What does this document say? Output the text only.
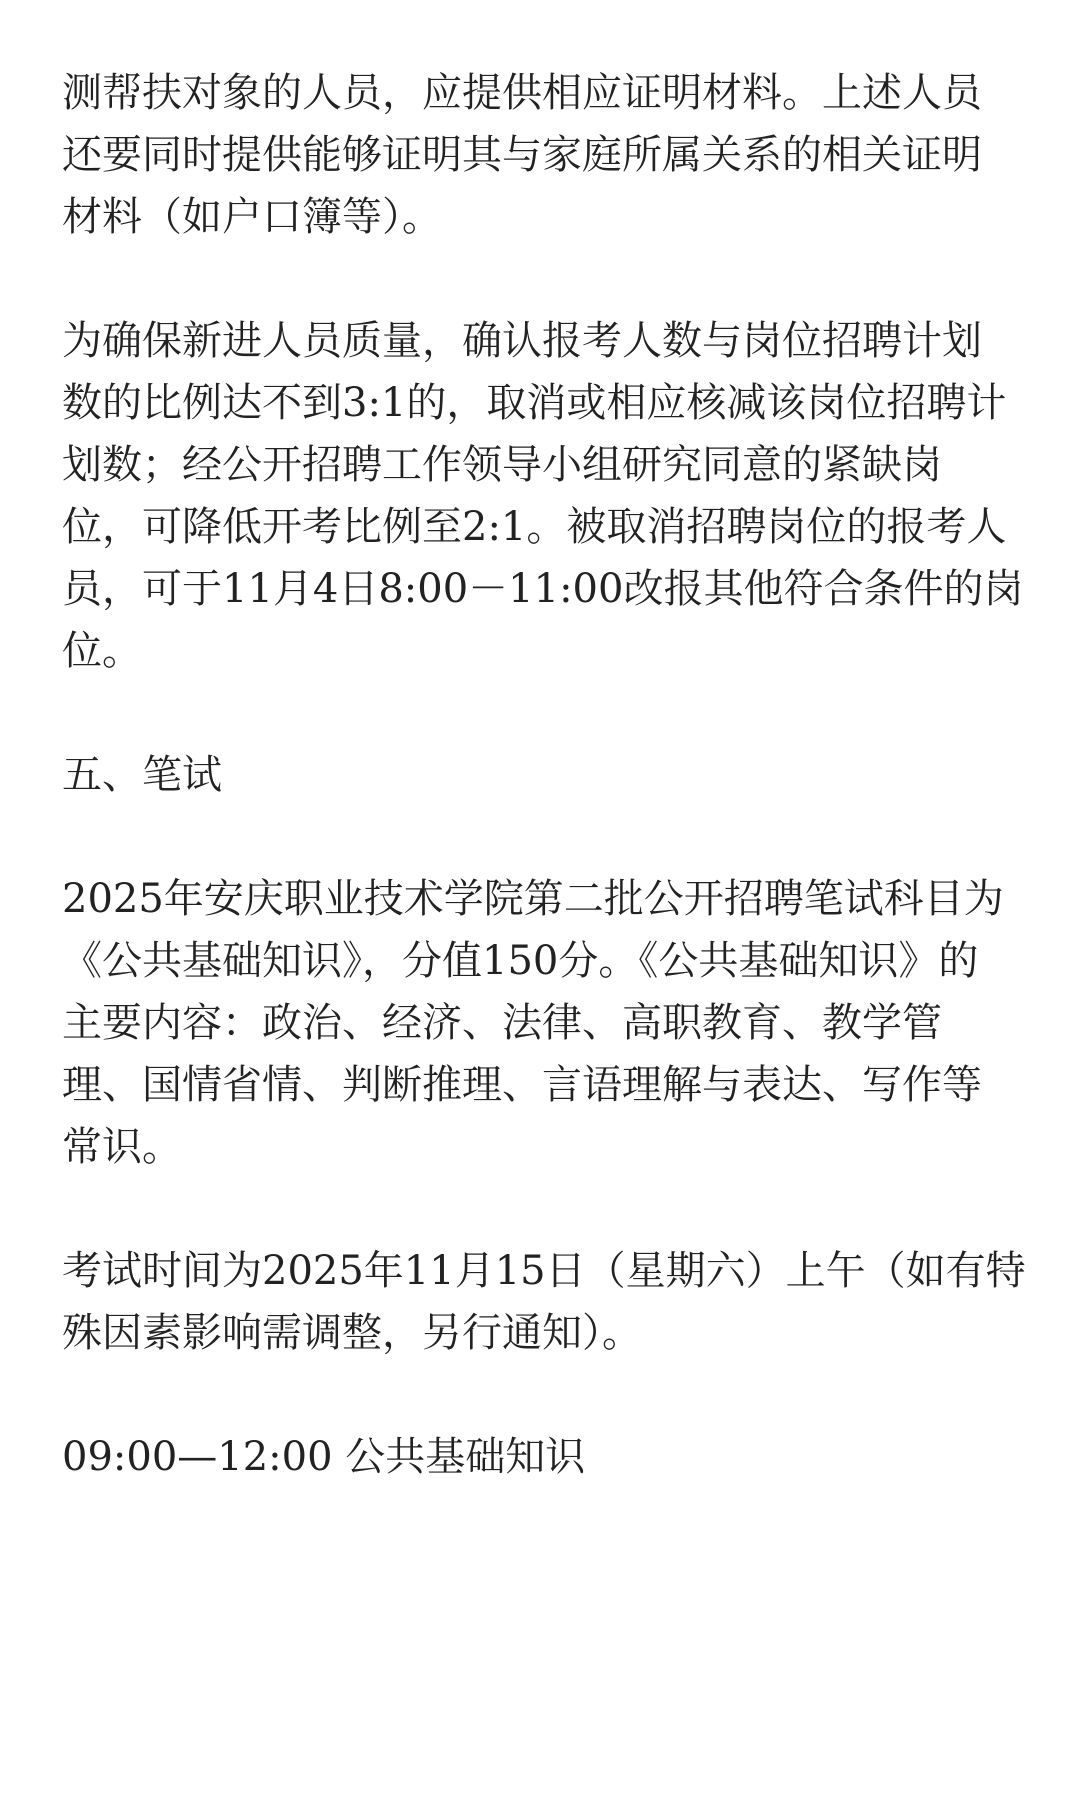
测帮扶对象的人员，应提供相应证明材料。上述人员
还要同时提供能够证明其与家庭所属关系的相关证明
材料（如户口簿等）。

为确保新进人员质量，确认报考人数与岗位招聘计划
数的比例达不到3:1的，取消或相应核减该岗位招聘计
划数；经公开招聘工作领导小组研究同意的紧缺岗
位，可降低开考比例至2:1。被取消招聘岗位的报考人
员，可于11月4日8:00－11:00改报其他符合条件的岗
位。

五、笔试

2025年安庆职业技术学院第二批公开招聘笔试科目为
《公共基础知识》，分值150分。《公共基础知识》的
主要内容：政治、经济、法律、高职教育、教学管
理、国情省情、判断推理、言语理解与表达、写作等
常识。

考试时间为2025年11月15日（星期六）上午（如有特
殊因素影响需调整，另行通知）。

09:00—12:00 公共基础知识
